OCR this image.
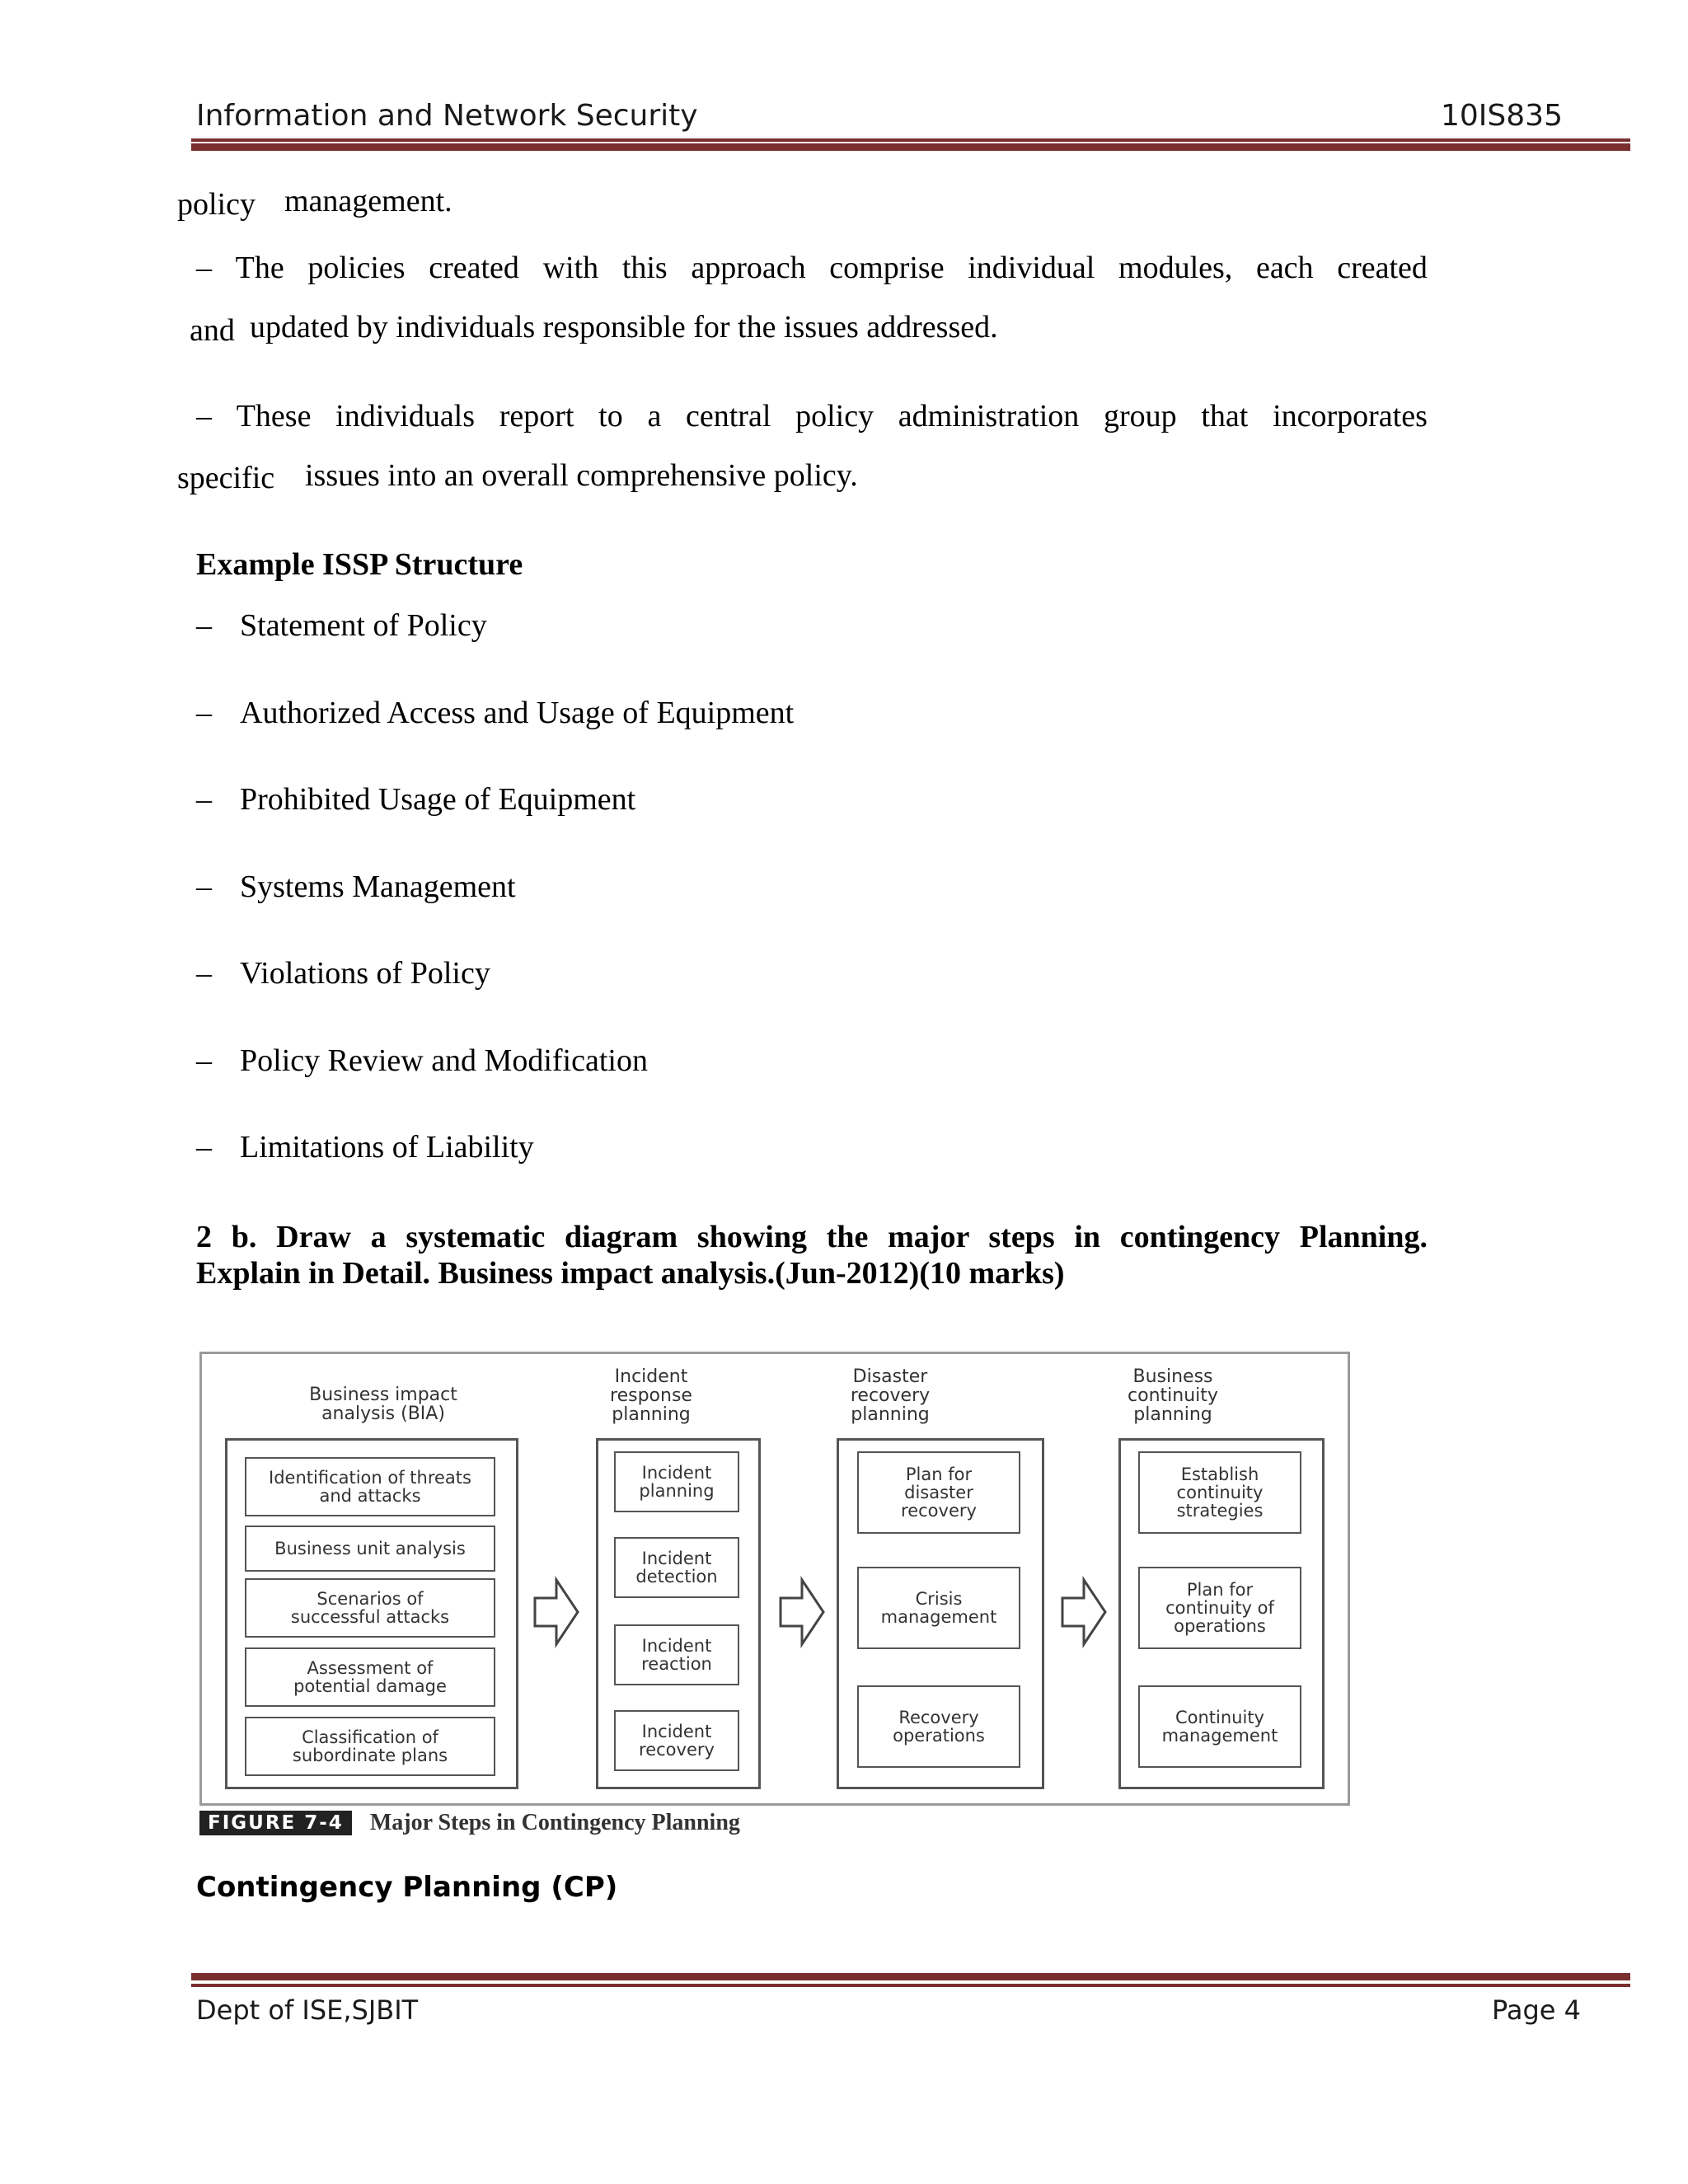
Information and Network Security	10IS835
policy management.
– The policies created with this approach comprise individual modules, each created
and updated by individuals responsible for the issues addressed.
– These individuals report to a central policy administration group that incorporates
specific issues into an overall comprehensive policy.
Example ISSP Structure
– Statement of Policy
– Authorized Access and Usage of Equipment
– Prohibited Usage of Equipment
– Systems Management
– Violations of Policy
– Policy Review and Modification
– Limitations of Liability
2 b. Draw a systematic diagram showing the major steps in contingency Planning.
Explain in Detail. Business impact analysis.(Jun-2012)(10 marks)
Business impact
analysis (BIA)
Identification of threats
and attacks
Business unit analysis
Scenarios of
successful attacks
Assessment of
potential damage
Classification of
subordinate plans
Incident
response
planning
Incident
planning
Incident
detection
Incident
reaction
Incident
recovery
Disaster
recovery
planning
Plan for
disaster
recovery
Crisis
management
Recovery
operations
Business
continuity
planning
Establish
continuity
strategies
Plan for
continuity of
operations
Continuity
management
FIGURE 7-4	Major Steps in Contingency Planning
Contingency Planning (CP)
Dept of ISE,SJBIT	Page 4
